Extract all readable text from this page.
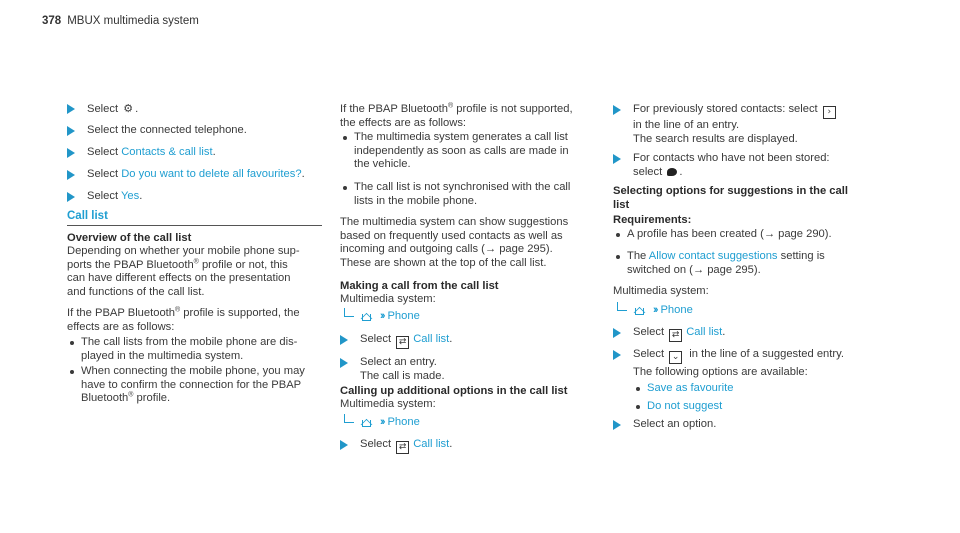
378 MBUX multimedia system
Select ⚙ .
Select the connected telephone.
Select Contacts & call list.
Select Do you want to delete all favourites?.
Select Yes.
Call list
Overview of the call list
Depending on whether your mobile phone sup-
ports the PBAP Bluetooth® profile or not, this
can have different effects on the presentation
and functions of the call list.
If the PBAP Bluetooth® profile is supported, the
effects are as follows:
The call lists from the mobile phone are dis-
played in the multimedia system.
When connecting the mobile phone, you may
have to confirm the connection for the PBAP
Bluetooth® profile.
If the PBAP Bluetooth® profile is not supported,
the effects are as follows:
The multimedia system generates a call list
independently as soon as calls are made in
the vehicle.
The call list is not synchronised with the call
lists in the mobile phone.
The multimedia system can show suggestions
based on frequently used contacts as well as
incoming and outgoing calls (→ page 295).
These are shown at the top of the call list.
Making a call from the call list
Multimedia system:
›› Phone
Select ⇄ Call list.
Select an entry.
The call is made.
Calling up additional options in the call list
Multimedia system:
›› Phone
Select ⇄ Call list.
For previously stored contacts: select ›
in the line of an entry.
The search results are displayed.
For contacts who have not been stored:
select .
Selecting options for suggestions in the call
list
Requirements:
A profile has been created (→ page 290).
The Allow contact suggestions setting is
switched on (→ page 295).
Multimedia system:
›› Phone
Select ⇄ Call list.
Select ⌄ in the line of a suggested entry.
The following options are available:
Save as favourite
Do not suggest
Select an option.
